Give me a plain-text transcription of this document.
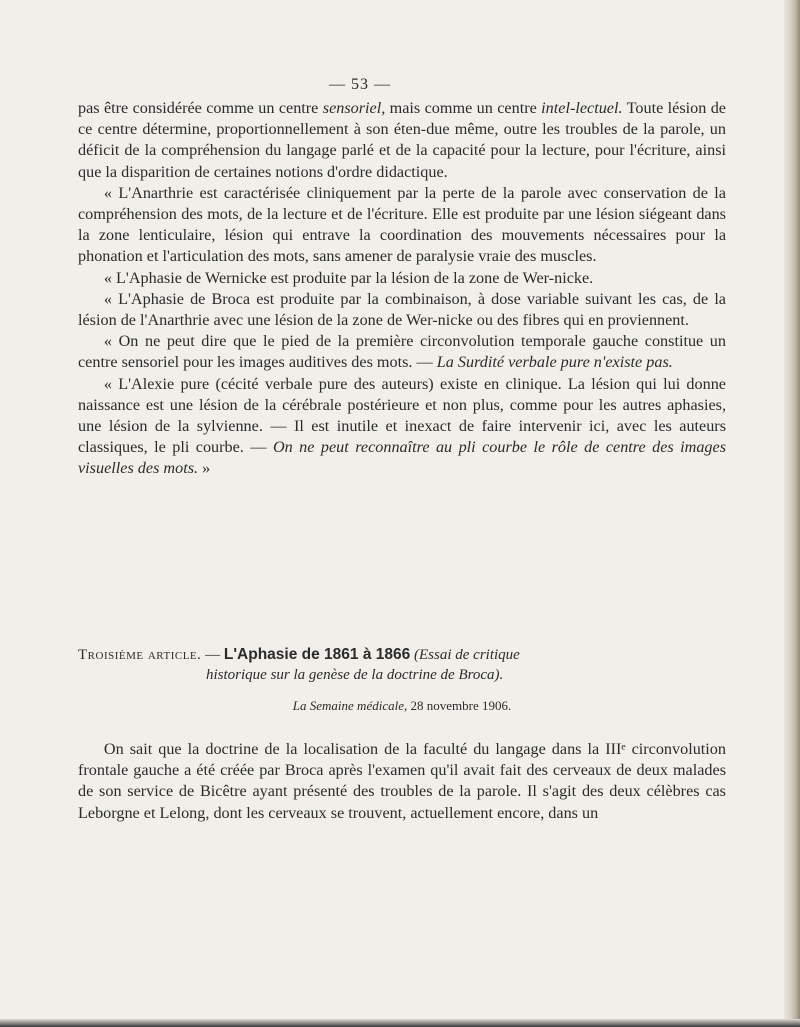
— 53 —

pas être considérée comme un centre sensoriel, mais comme un centre intel-lectuel. Toute lésion de ce centre détermine, proportionnellement à son éten-due même, outre les troubles de la parole, un déficit de la compréhension du langage parlé et de la capacité pour la lecture, pour l'écriture, ainsi que la disparition de certaines notions d'ordre didactique.

« L'Anarthrie est caractérisée cliniquement par la perte de la parole avec conservation de la compréhension des mots, de la lecture et de l'écriture. Elle est produite par une lésion siégeant dans la zone lenticulaire, lésion qui entrave la coordination des mouvements nécessaires pour la phonation et l'articulation des mots, sans amener de paralysie vraie des muscles.

« L'Aphasie de Wernicke est produite par la lésion de la zone de Wer-nicke.

« L'Aphasie de Broca est produite par la combinaison, à dose variable suivant les cas, de la lésion de l'Anarthrie avec une lésion de la zone de Wer-nicke ou des fibres qui en proviennent.

« On ne peut dire que le pied de la première circonvolution temporale gauche constitue un centre sensoriel pour les images auditives des mots. — La Surdité verbale pure n'existe pas.

« L'Alexie pure (cécité verbale pure des auteurs) existe en clinique. La lésion qui lui donne naissance est une lésion de la cérébrale postérieure et non plus, comme pour les autres aphasies, une lésion de la sylvienne. — Il est inutile et inexact de faire intervenir ici, avec les auteurs classiques, le pli courbe. — On ne peut reconnaître au pli courbe le rôle de centre des images visuelles des mots. »

Troisième article. — L'Aphasie de 1861 à 1866 (Essai de critique
historique sur la genèse de la doctrine de Broca).
La Semaine médicale, 28 novembre 1906.

On sait que la doctrine de la localisation de la faculté du langage dans la IIIᵉ circonvolution frontale gauche a été créée par Broca après l'examen qu'il avait fait des cerveaux de deux malades de son service de Bicêtre ayant présenté des troubles de la parole. Il s'agit des deux célèbres cas Leborgne et Lelong, dont les cerveaux se trouvent, actuellement encore, dans un
